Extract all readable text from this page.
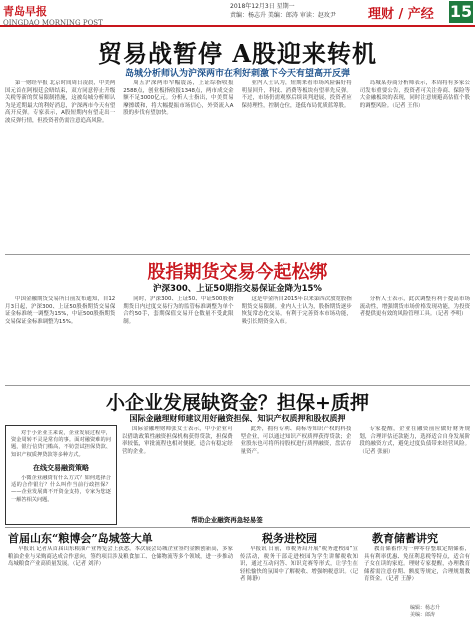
青岛早报
QINGDAO MORNING POST
2018年12月3日 星期一
责编：杨志升 美编：郎涛 审读：赵玫尹 理财 / 产经 15
贸易战暂停 A股迎来转机
岛城分析师认为沪深两市在利好刺激下今天有望高开反弹

第一财经早报 北京时间周日凌晨，中美两国元首在阿根廷会晤结束，双方同意停止升级关税等新的贸易限制措施，这被岛城分析师认为是近期最大的利好消息，沪深两市今天有望高开反弹。专家表示，A股短期内有望走出一波反弹行情，但投资者仍需注意追高风险。

周五沪深两市窄幅震荡，上证综指收报2588点，创业板指收报1348点，两市成交金额不足3000亿元。分析人士指出，中美贸易摩擦缓和，将大幅提振市场信心，外资流入A股的步伐有望加快。

业内人士认为，短期来看市场风险偏好将明显回升，科技、消费等板块有望率先反弹。不过，市场仍需观察后续谈判进展，投资者应保持理性，控制仓位，逢低布局优质蓝筹股。

岛城某券商分析师表示，本周将有多家公司发布重要公告，投资者可关注券商、保险等大金融板块的表现，同时注意规避高估值个股的调整风险。（记者 王伟）

股指期货交易今起松绑
沪深300、上证50期指交易保证金降为15%

中国金融期货交易所日前发布通知，自12月3日起，沪深300、上证50股指期货交易保证金标准统一调整为15%，中证500股指期货交易保证金标准调整为15%。

同时，沪深300、上证50、中证500股指期货日内过度交易行为的监管标准调整为单个合约50手，套期保值交易开仓数量不受此限制。

这是中金所自2015年以来第四次放宽股指期货交易限制。业内人士认为，股指期货逐步恢复常态化交易，有利于完善资本市场功能，吸引长期资金入市。

分析人士表示，此次调整有利于提高市场流动性，增强期货市场价格发现功能，为投资者提供更有效的风险管理工具。（记者 李明）

小企业发展缺资金？担保+质押
国际金融理财师建议用好融资担保、知识产权质押和股权质押

对于小企业主来说，企业发展过程中，资金周转不灵是常有的事。面对融资难的问题，银行信贷门槛高，不妨尝试担保贷款、知识产权质押贷款等多种方式。

在线交易融资策略

小微企业融资有什么方式？如何选择合适的合作银行？什么叫作当前行政担保？——企业发展离不开资金支持，专家为您逐一解答相关问题。

国际金融理财师张女士表示，中小企业可以借助政策性融资担保机构获得贷款，担保费率较低，审批流程也相对便捷，适合有稳定经营的企业。

此外，拥有专利、商标等知识产权的科技型企业，可以通过知识产权质押获得贷款；企业股东也可将所持股权进行质押融资，盘活存量资产。

专家提醒，企业在融资前应做好财务规划，合理评估还款能力，选择适合自身发展阶段的融资方式，避免过度负债带来经营风险。（记者 张丽）

帮助企业融资再急轻易签
首届山东“粮博会”岛城签大单

早报讯 记者从首届山东粮油产业博览会上获悉，本次展会岛城企业签约金额创新高，多家粮油企业与采购商达成合作意向，签约项目涉及粮食加工、仓储物流等多个领域，进一步推动岛城粮食产业高质量发展。（记者 刘洋）

税务进校园

早报讯 日前，市税务局开展“税务进校园”宣传活动，税务干部走进校园为学生讲解税收知识，通过互动问答、知识竞赛等形式，让学生在轻松愉快的氛围中了解税收、增强纳税意识。（记者 陈静）

教育储蓄讲究

教育储蓄作为一种零存整取定期储蓄，具有利率优惠、免征利息税等特点，适合有子女在读的家庭。理财专家提醒，办理教育储蓄需注意存期、额度等规定，合理规划教育资金。（记者 王静）

编辑：杨志升
美编：郎涛
